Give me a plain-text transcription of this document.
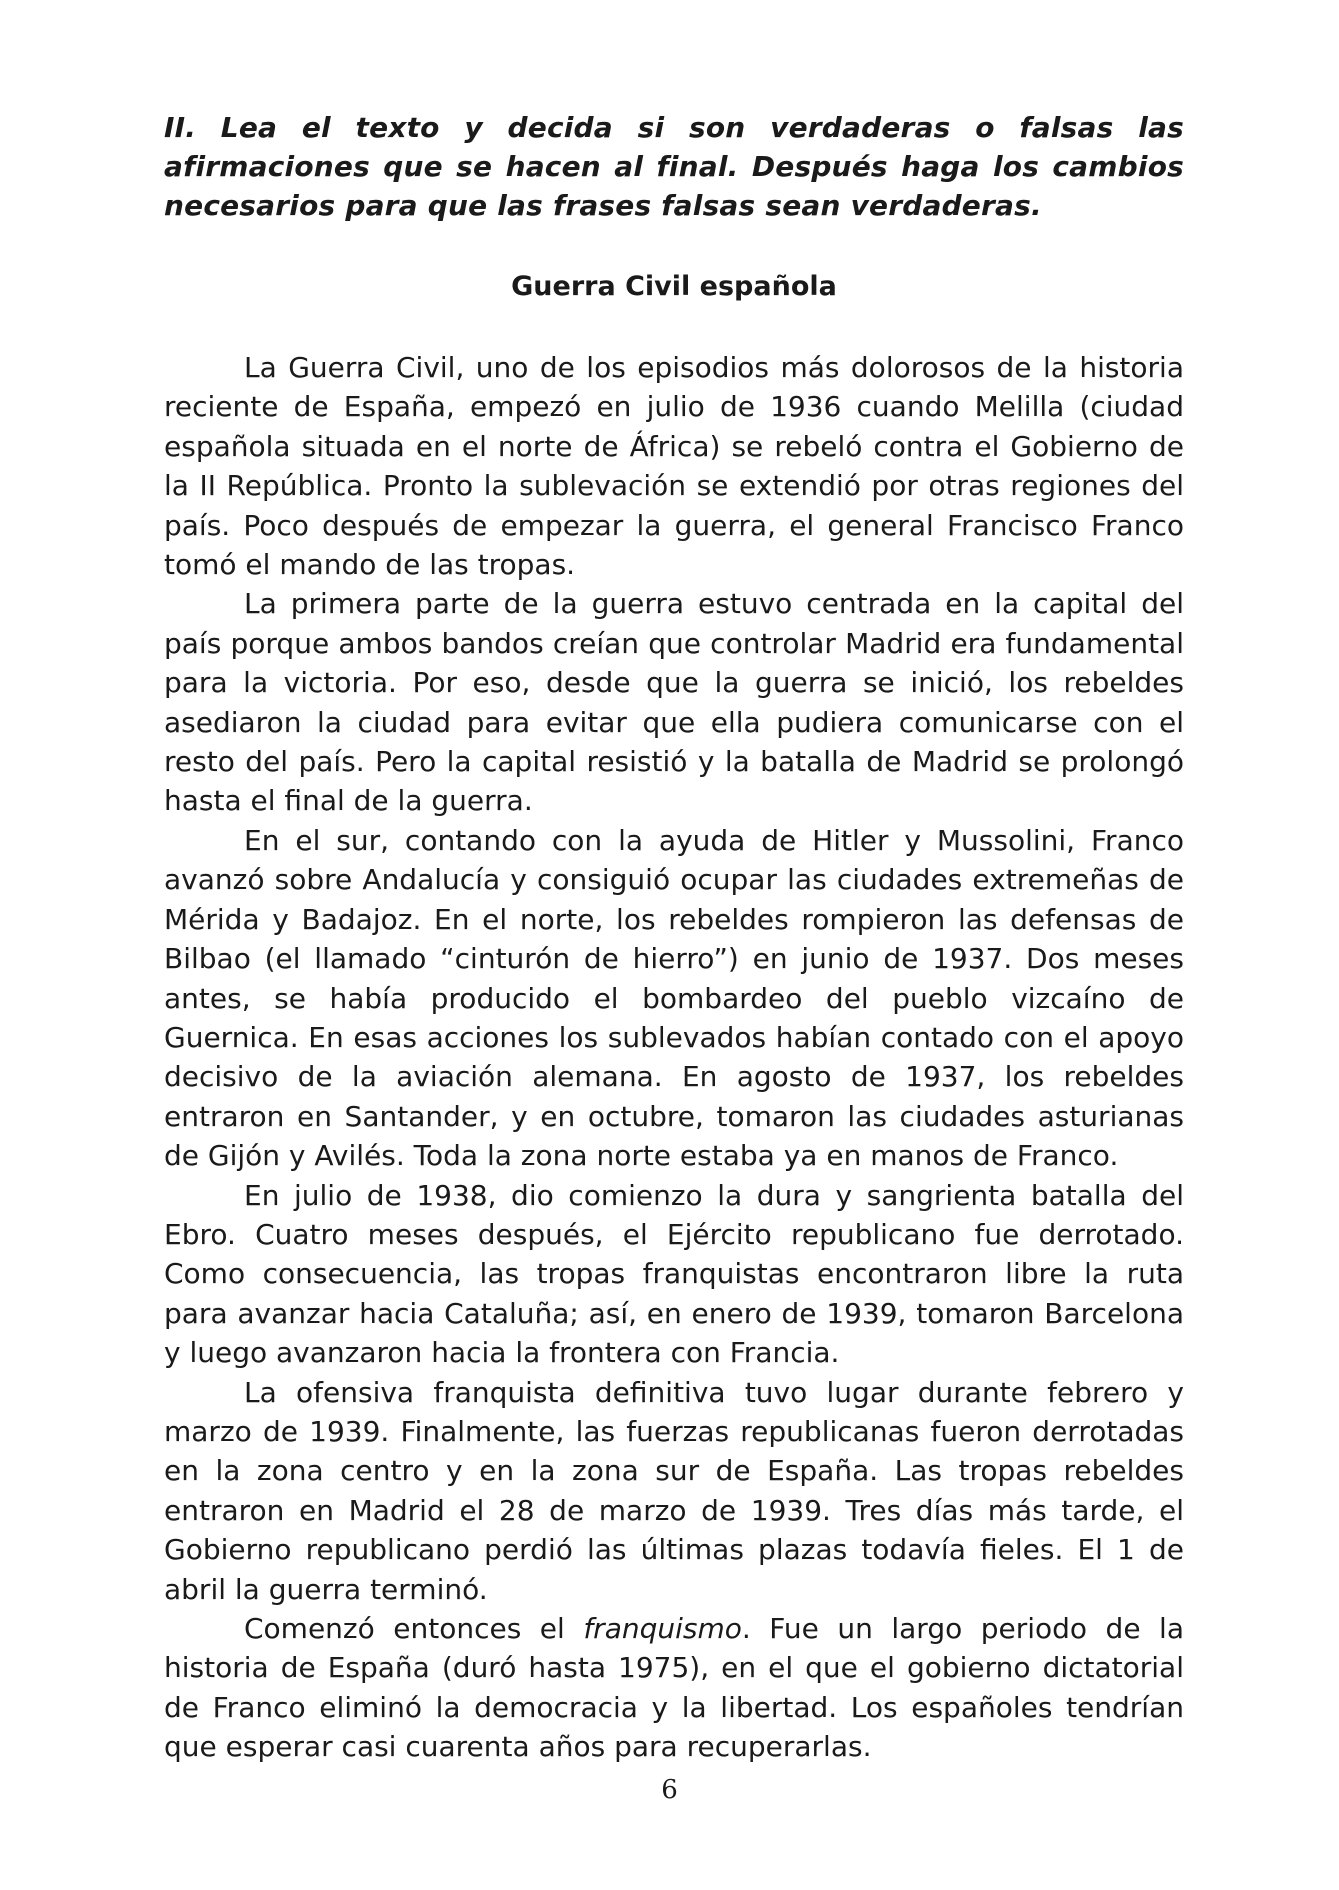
II. Lea el texto y decida si son verdaderas o falsas las afirmaciones que se hacen al final. Después haga los cambios necesarios para que las frases falsas sean verdaderas.

Guerra Civil española

La Guerra Civil, uno de los episodios más dolorosos de la historia reciente de España, empezó en julio de 1936 cuando Melilla (ciudad española situada en el norte de África) se rebeló contra el Gobierno de la II República. Pronto la sublevación se extendió por otras regiones del país. Poco después de empezar la guerra, el general Francisco Franco tomó el mando de las tropas.

La primera parte de la guerra estuvo centrada en la capital del país porque ambos bandos creían que controlar Madrid era fundamental para la victoria. Por eso, desde que la guerra se inició, los rebeldes asediaron la ciudad para evitar que ella pudiera comunicarse con el resto del país. Pero la capital resistió y la batalla de Madrid se prolongó hasta el final de la guerra.

En el sur, contando con la ayuda de Hitler y Mussolini, Franco avanzó sobre Andalucía y consiguió ocupar las ciudades extremeñas de Mérida y Badajoz. En el norte, los rebeldes rompieron las defensas de Bilbao (el llamado “cinturón de hierro”) en junio de 1937. Dos meses antes, se había producido el bombardeo del pueblo vizcaíno de Guernica. En esas acciones los sublevados habían contado con el apoyo decisivo de la aviación alemana. En agosto de 1937, los rebeldes entraron en Santander, y en octubre, tomaron las ciudades asturianas de Gijón y Avilés. Toda la zona norte estaba ya en manos de Franco.

En julio de 1938, dio comienzo la dura y sangrienta batalla del Ebro. Cuatro meses después, el Ejército republicano fue derrotado. Como consecuencia, las tropas franquistas encontraron libre la ruta para avanzar hacia Cataluña; así, en enero de 1939, tomaron Barcelona y luego avanzaron hacia la frontera con Francia.

La ofensiva franquista definitiva tuvo lugar durante febrero y marzo de 1939. Finalmente, las fuerzas republicanas fueron derrotadas en la zona centro y en la zona sur de España. Las tropas rebeldes entraron en Madrid el 28 de marzo de 1939. Tres días más tarde, el Gobierno republicano perdió las últimas plazas todavía fieles. El 1 de abril la guerra terminó.

Comenzó entonces el franquismo. Fue un largo periodo de la historia de España (duró hasta 1975), en el que el gobierno dictatorial de Franco eliminó la democracia y la libertad. Los españoles tendrían que esperar casi cuarenta años para recuperarlas.

6
